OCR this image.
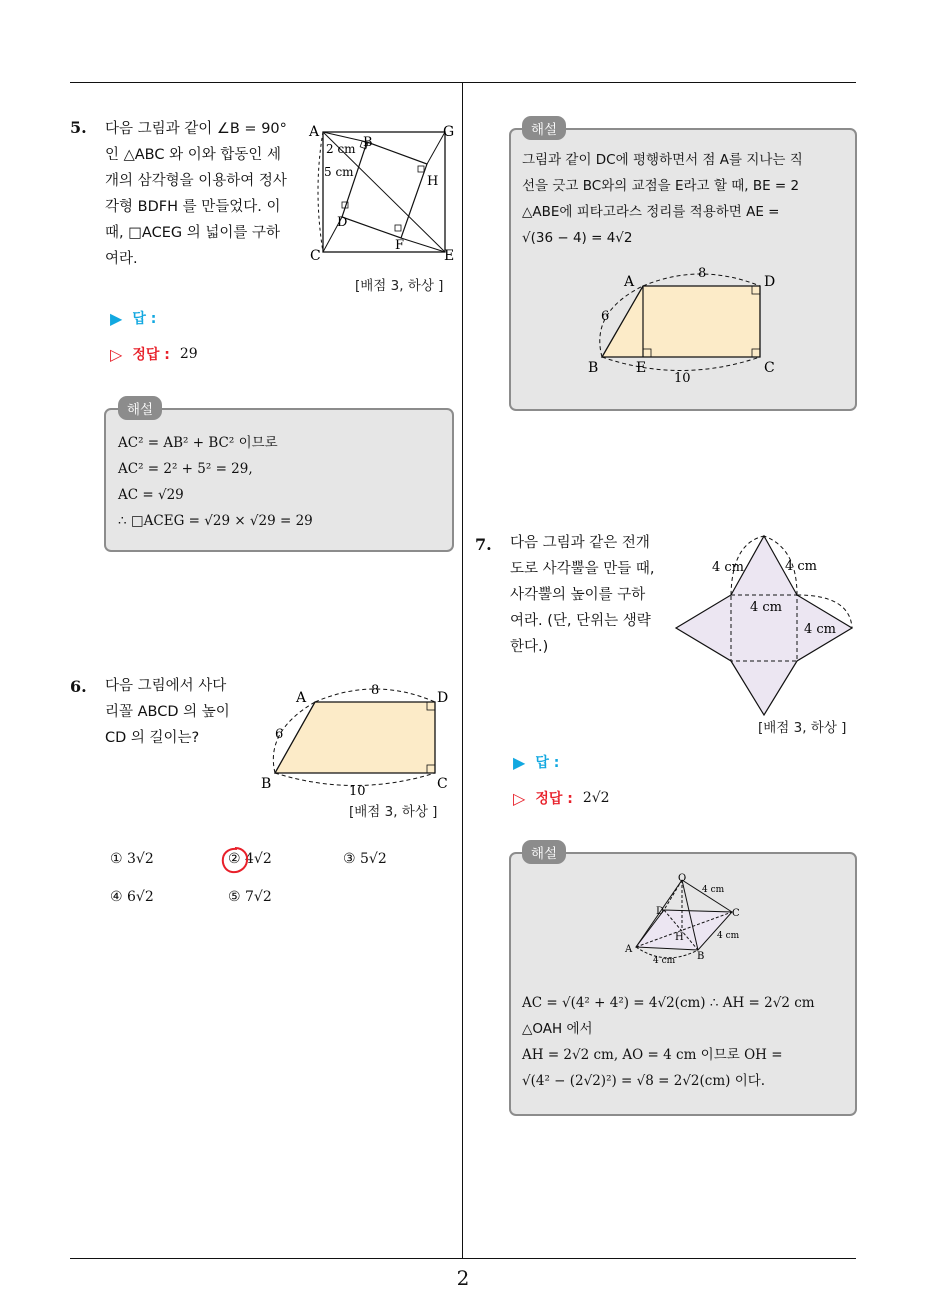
2
5. 다음 그림과 같이 ∠B = 90°
인 △ABC 와 이와 합동인 세
개의 삼각형을 이용하여 정사
각형 BDFH 를 만들었다. 이
때, □ACEG 의 넓이를 구하
여라.
A
B
C
D
E
F
G
H
2 cm
5 cm
[배점 3, 하상 ]
▶ 답 :
▷ 정답 : 29
해설
AC² = AB² + BC² 이므로
AC² = 2² + 5² = 29,
AC = √29
∴ □ACEG = √29 × √29 = 29
6. 다음 그림에서 사다
리꼴 ABCD 의 높이
CD 의 길이는?
A	D
B	C
8
6
10
[배점 3, 하상 ]
① 3√2	② 4√2	③ 5√2
④ 6√2	⑤ 7√2
해설
그림과 같이 DC에 평행하면서 점 A를 지나는 직
선을 긋고 BC와의 교점을 E라고 할 때, BE = 2
△ABE에 피타고라스 정리를 적용하면 AE =
√(36 − 4) = 4√2
A	D
B	E	C
8
6
10
7. 다음 그림과 같은 전개
도로 사각뿔을 만들 때,
사각뿔의 높이를 구하
여라. (단, 단위는 생략
한다.)
4 cm	4 cm
4 cm
4 cm
[배점 3, 하상 ]
▶ 답 :
▷ 정답 : 2√2
해설
O
A
B
C
D
H
4 cm
4 cm
4 cm
AC = √(4² + 4²) = 4√2(cm) ∴ AH = 2√2 cm
△OAH 에서
AH = 2√2 cm, AO = 4 cm 이므로 OH =
√(4² − (2√2)²) = √8 = 2√2(cm) 이다.
